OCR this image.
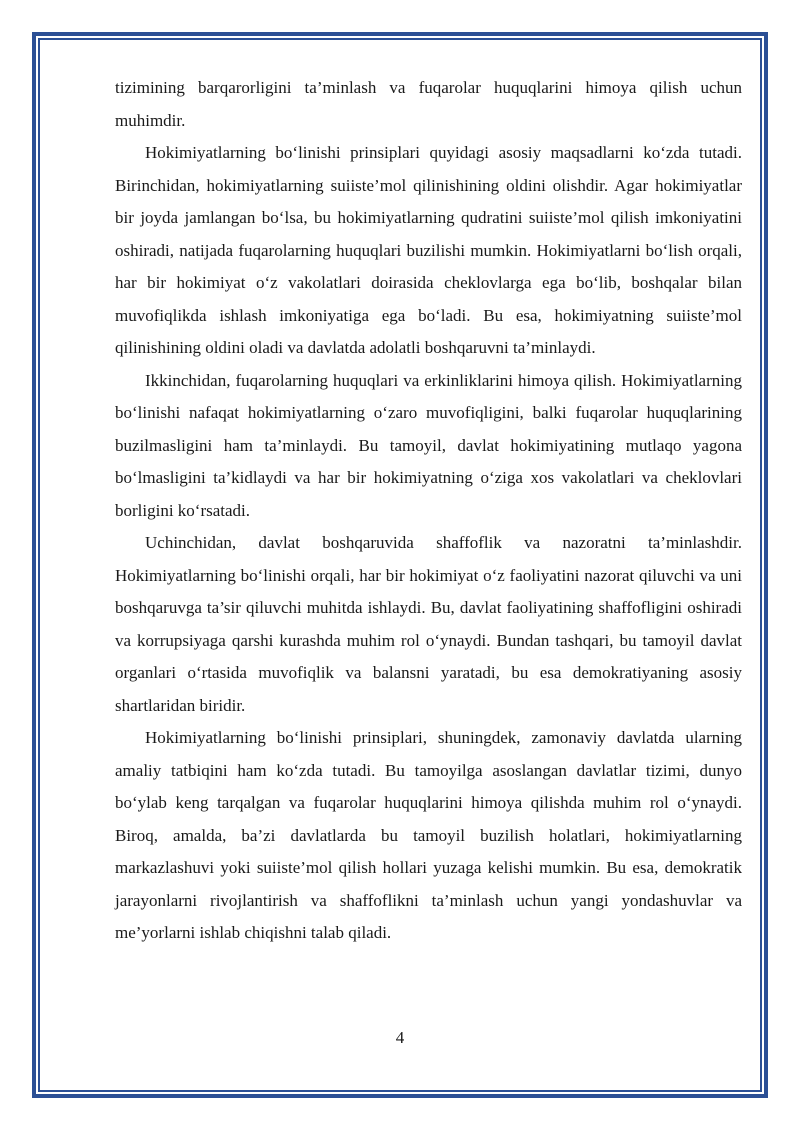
tizimining barqarorligini ta’minlash va fuqarolar huquqlarini himoya qilish uchun muhimdir.

Hokimiyatlarning bo‘linishi prinsiplari quyidagi asosiy maqsadlarni ko‘zda tutadi. Birinchidan, hokimiyatlarning suiiste’mol qilinishining oldini olishdir. Agar hokimiyatlar bir joyda jamlangan bo‘lsa, bu hokimiyatlarning qudratini suiiste’mol qilish imkoniyatini oshiradi, natijada fuqarolarning huquqlari buzilishi mumkin. Hokimiyatlarni bo‘lish orqali, har bir hokimiyat o‘z vakolatlari doirasida cheklovlarga ega bo‘lib, boshqalar bilan muvofiqlikda ishlash imkoniyatiga ega bo‘ladi. Bu esa, hokimiyatning suiiste’mol qilinishining oldini oladi va davlatda adolatli boshqaruvni ta’minlaydi.

Ikkinchidan, fuqarolarning huquqlari va erkinliklarini himoya qilish. Hokimiyatlarning bo‘linishi nafaqat hokimiyatlarning o‘zaro muvofiqligini, balki fuqarolar huquqlarining buzilmasligini ham ta’minlaydi. Bu tamoyil, davlat hokimiyatining mutlaqo yagona bo‘lmasligini ta’kidlaydi va har bir hokimiyatning o‘ziga xos vakolatlari va cheklovlari borligini ko‘rsatadi.

Uchinchidan, davlat boshqaruvida shaffoflik va nazoratni ta’minlashdir. Hokimiyatlarning bo‘linishi orqali, har bir hokimiyat o‘z faoliyatini nazorat qiluvchi va uni boshqaruvga ta’sir qiluvchi muhitda ishlaydi. Bu, davlat faoliyatining shaffofligini oshiradi va korrupsiyaga qarshi kurashda muhim rol o‘ynaydi. Bundan tashqari, bu tamoyil davlat organlari o‘rtasida muvofiqlik va balansni yaratadi, bu esa demokratiyaning asosiy shartlaridan biridir.

Hokimiyatlarning bo‘linishi prinsiplari, shuningdek, zamonaviy davlatda ularning amaliy tatbiqini ham ko‘zda tutadi. Bu tamoyilga asoslangan davlatlar tizimi, dunyo bo‘ylab keng tarqalgan va fuqarolar huquqlarini himoya qilishda muhim rol o‘ynaydi. Biroq, amalda, ba’zi davlatlarda bu tamoyil buzilish holatlari, hokimiyatlarning markazlashuvi yoki suiiste’mol qilish hollari yuzaga kelishi mumkin. Bu esa, demokratik jarayonlarni rivojlantirish va shaffoflikni ta’minlash uchun yangi yondashuvlar va me’yorlarni ishlab chiqishni talab qiladi.

4
